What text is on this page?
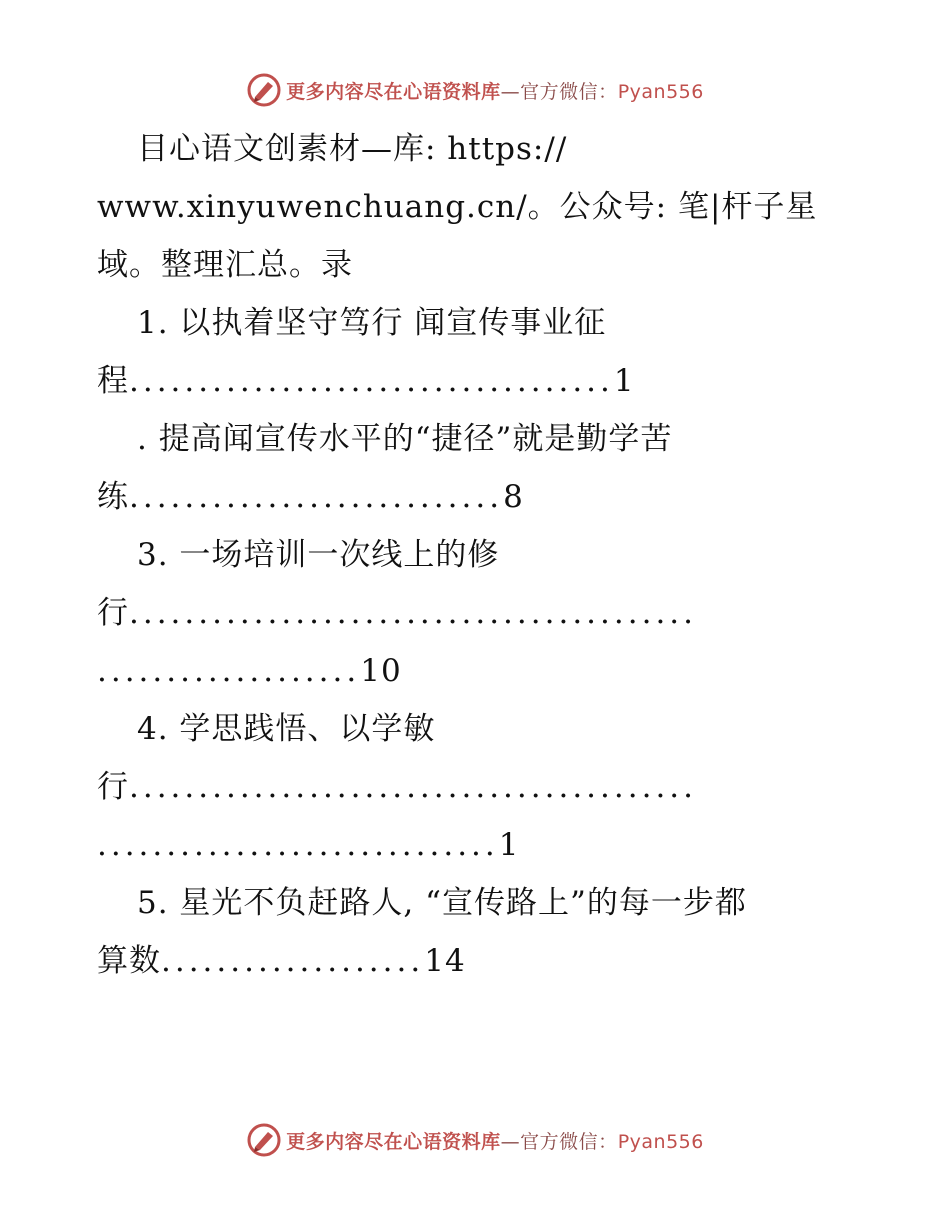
更多内容尽在心语资料库—官方微信：Pyan556
目心语文创素材—库: https://
www.xinyuwenchuang.cn/。公众号: 笔|杆子星
域。整理汇总。录
1. 以执着坚守笃行 闻宣传事业征
程...................................1
. 提高闻宣传水平的“捷径”就是勤学苦
练...........................8
3. 一场培训一次线上的修
行.........................................
...................10
4. 学思践悟、以学敏
行.........................................
.............................1
5. 星光不负赶路人, “宣传路上”的每一步都
算数...................14
更多内容尽在心语资料库—官方微信：Pyan556
